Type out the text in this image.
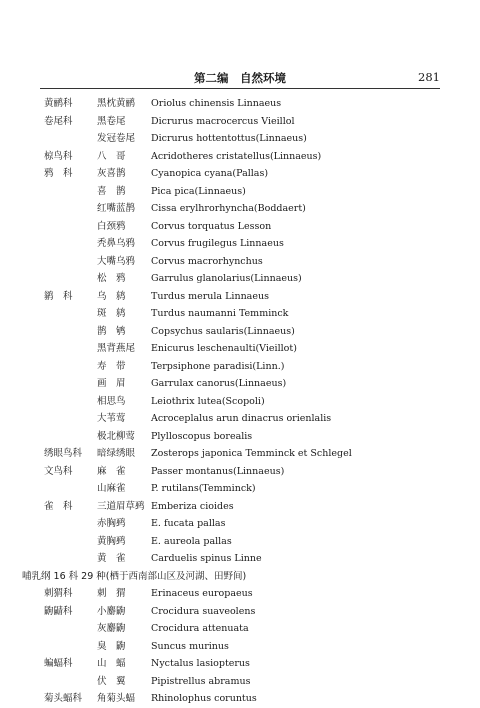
第二编　自然环境	281
黄鹂科	黑枕黄鹂 Oriolus chinensis Linnaeus
卷尾科	黑卷尾	Dicrurus macrocercus Vieillol
发冠卷尾 Dicrurus hottentottus(Linnaeus)
椋鸟科	八　哥	Acridotheres cristatellus(Linnaeus)
鸦　科	灰喜鹊	Cyanopica cyana(Pallas)
喜　鹊	Pica pica(Linnaeus)
红嘴蓝鹊 Cissa erylhrorhyncha(Boddaert)
白颈鸦	Corvus torquatus Lesson
秃鼻乌鸦 Corvus frugilegus Linnaeus
大嘴乌鸦 Corvus macrorhynchus
松　鸦	Garrulus glanolarius(Linnaeus)
鹟　科	乌　鸫	Turdus merula Linnaeus
斑　鸫	Turdus naumanni Temminck
鹊　鸲	Copsychus saularis(Linnaeus)
黑背燕尾 Enicurus leschenaulti(Vieillot)
寿　带	Terpsiphone paradisi(Linn.)
画　眉	Garrulax canorus(Linnaeus)
相思鸟	Leiothrix lutea(Scopoli)
大苇莺	Acroceplalus arun dinacrus orienlalis
极北柳莺 Plylloscopus borealis
绣眼鸟科	暗绿绣眼 Zosterops japonica Temminck et Schlegel
文鸟科	麻　雀	Passer montanus(Linnaeus)
山麻雀	P. rutilans(Temminck)
雀　科	三道眉草鹀 Emberiza cioides
赤胸鹀	E. fucata pallas
黄胸鹀	E. aureola pallas
黄　雀	Carduelis spinus Linne
哺乳纲 16 科 29 种(栖于西南部山区及河湖、田野间)
刺猬科	刺　猬	Erinaceus europaeus
鼩鼱科	小麝鼩	Crocidura suaveolens
灰麝鼩	Crocidura attenuata
臭　鼩	Suncus murinus
蝙蝠科	山　蝠	Nyctalus lasiopterus
伏　翼	Pipistrellus abramus
菊头蝠科	角菊头蝠 Rhinolophus coruntus
